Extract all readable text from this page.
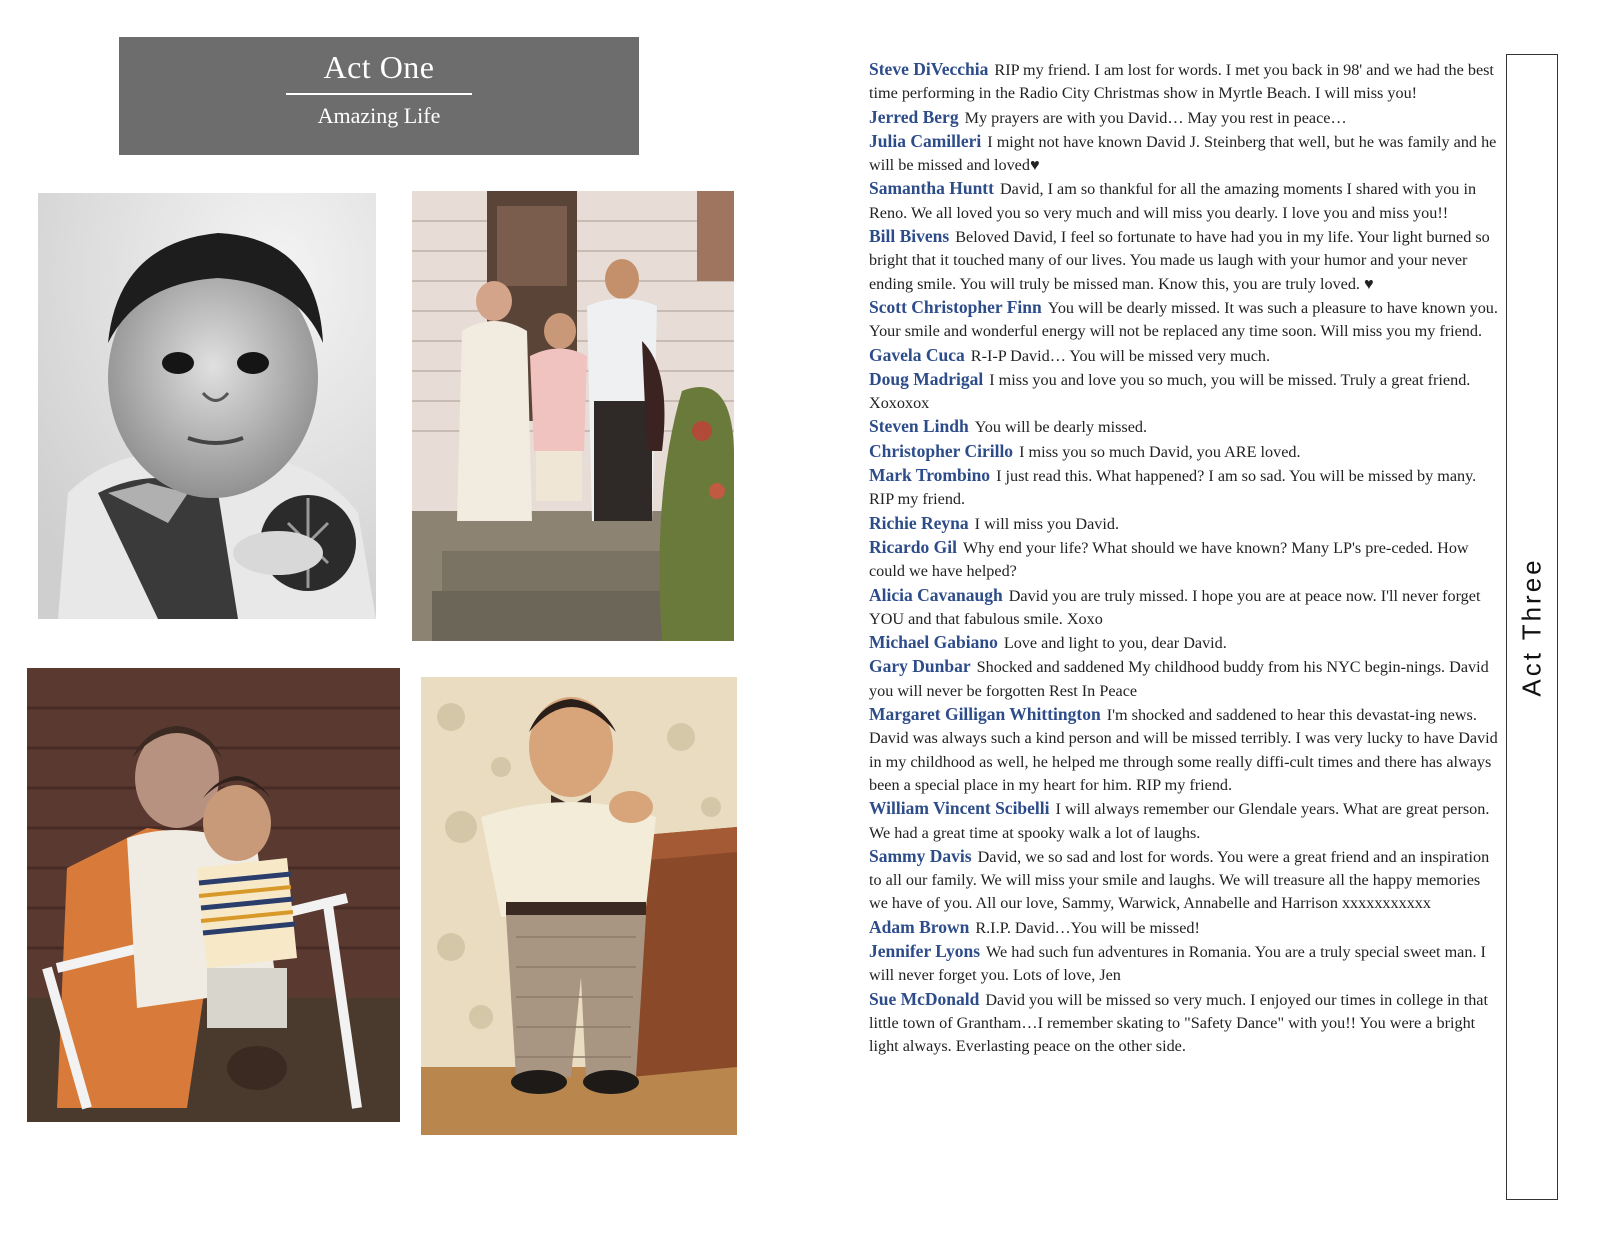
Act One
Amazing Life

Steve DiVecchia RIP my friend. I am lost for words. I met you back in 98' and we had the best time performing in the Radio City Christmas show in Myrtle Beach. I will miss you!

Jerred Berg My prayers are with you David… May you rest in peace…

Julia Camilleri I might not have known David J. Steinberg that well, but he was family and he will be missed and loved♥

Samantha Huntt David, I am so thankful for all the amazing moments I shared with you in Reno. We all loved you so very much and will miss you dearly. I love you and miss you!!

Bill Bivens Beloved David, I feel so fortunate to have had you in my life. Your light burned so bright that it touched many of our lives. You made us laugh with your humor and your never ending smile. You will truly be missed man. Know this, you are truly loved. ♥

Scott Christopher Finn You will be dearly missed. It was such a pleasure to have known you. Your smile and wonderful energy will not be replaced any time soon. Will miss you my friend.

Gavela Cuca R-I-P David… You will be missed very much.

Doug Madrigal I miss you and love you so much, you will be missed. Truly a great friend. Xoxoxox

Steven Lindh You will be dearly missed.

Christopher Cirillo I miss you so much David, you ARE loved.

Mark Trombino I just read this. What happened? I am so sad. You will be missed by many. RIP my friend.

Richie Reyna I will miss you David.

Ricardo Gil Why end your life? What should we have known? Many LP's pre-ceded. How could we have helped?

Alicia Cavanaugh David you are truly missed. I hope you are at peace now. I'll never forget YOU and that fabulous smile. Xoxo

Michael Gabiano Love and light to you, dear David.

Gary Dunbar Shocked and saddened My childhood buddy from his NYC begin-nings. David you will never be forgotten Rest In Peace

Margaret Gilligan Whittington I'm shocked and saddened to hear this devastat-ing news. David was always such a kind person and will be missed terribly. I was very lucky to have David in my childhood as well, he helped me through some really diffi-cult times and there has always been a special place in my heart for him. RIP my friend.

William Vincent Scibelli I will always remember our Glendale years. What are great person. We had a great time at spooky walk a lot of laughs.

Sammy Davis David, we so sad and lost for words. You were a great friend and an inspiration to all our family. We will miss your smile and laughs. We will treasure all the happy memories we have of you. All our love, Sammy, Warwick, Annabelle and Harrison xxxxxxxxxxx

Adam Brown R.I.P. David…You will be missed!

Jennifer Lyons We had such fun adventures in Romania. You are a truly special sweet man. I will never forget you. Lots of love, Jen

Sue McDonald David you will be missed so very much. I enjoyed our times in college in that little town of Grantham…I remember skating to "Safety Dance" with you!! You were a bright light always. Everlasting peace on the other side.

Act Three
